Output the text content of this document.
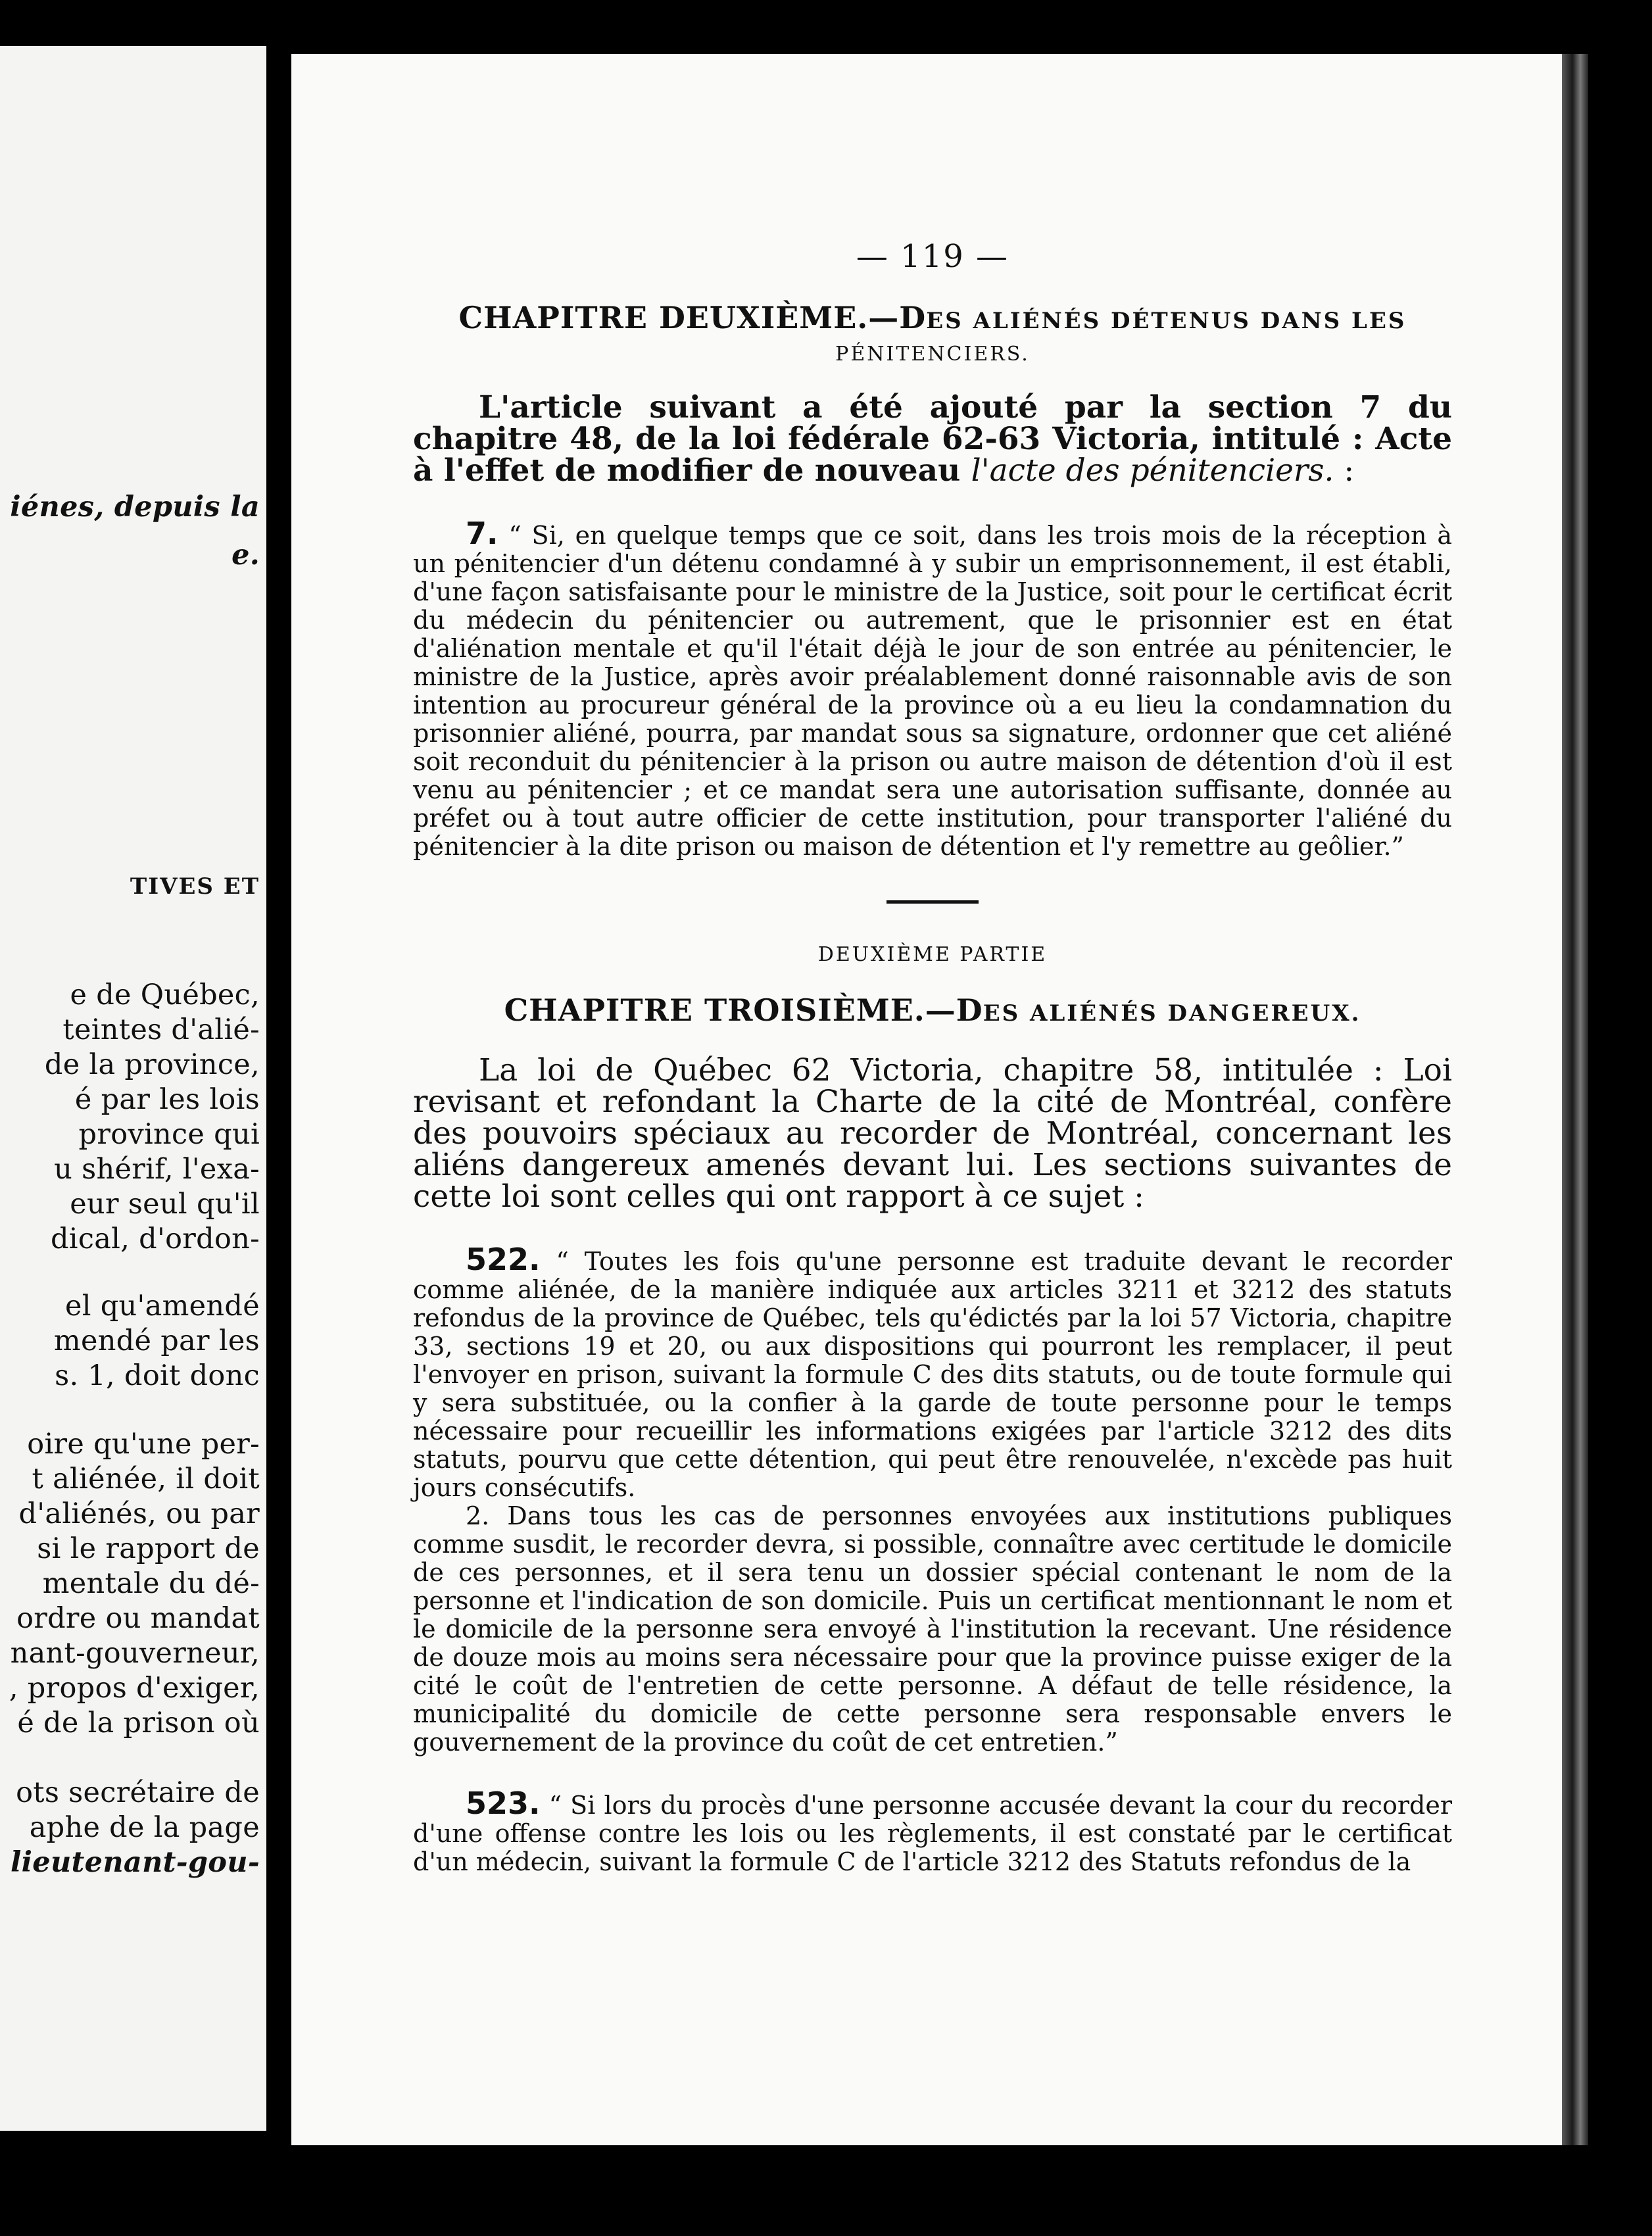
iénes, depuis la
e.
TIVES ET
e de Québec,
teintes d'alié-
de la province,
é par les lois
province qui
u shérif, l'exa-
eur seul qu'il
dical, d'ordon-
el qu'amendé
mendé par les
s. 1, doit donc
oire qu'une per-
t aliénée, il doit
d'aliénés, ou par
si le rapport de
mentale du dé-
ordre ou mandat
nant-gouverneur,
, propos d'exiger,
é de la prison où
ots secrétaire de
aphe de la page
lieutenant-gou-
— 119 —
CHAPITRE DEUXIÈME.—DES ALIÉNÉS DÉTENUS DANS LES
PÉNITENCIERS.

L'article suivant a été ajouté par la section 7 du chapitre 48, de la loi fédérale 62-63 Victoria, intitulé : Acte à l'effet de modifier de nouveau l'acte des pénitenciers. :

7. “ Si, en quelque temps que ce soit, dans les trois mois de la réception à un pénitencier d'un détenu condamné à y subir un emprisonnement, il est établi, d'une façon satisfaisante pour le ministre de la Justice, soit pour le certificat écrit du médecin du pénitencier ou autrement, que le prisonnier est en état d'aliénation mentale et qu'il l'était déjà le jour de son entrée au pénitencier, le ministre de la Justice, après avoir préalablement donné raisonnable avis de son intention au procureur général de la province où a eu lieu la condamnation du prisonnier aliéné, pourra, par mandat sous sa signature, ordonner que cet aliéné soit reconduit du pénitencier à la prison ou autre maison de détention d'où il est venu au pénitencier ; et ce mandat sera une autorisation suffisante, donnée au préfet ou à tout autre officier de cette institution, pour transporter l'aliéné du pénitencier à la dite prison ou maison de détention et l'y remettre au geôlier.”

DEUXIÈME PARTIE
CHAPITRE TROISIÈME.—DES ALIÉNÉS DANGEREUX.

La loi de Québec 62 Victoria, chapitre 58, intitulée : Loi revisant et refondant la Charte de la cité de Montréal, confère des pouvoirs spéciaux au recorder de Montréal, concernant les aliéns dangereux amenés devant lui. Les sections suivantes de cette loi sont celles qui ont rapport à ce sujet :

522. “ Toutes les fois qu'une personne est traduite devant le recorder comme aliénée, de la manière indiquée aux articles 3211 et 3212 des statuts refondus de la province de Québec, tels qu'édictés par la loi 57 Victoria, chapitre 33, sections 19 et 20, ou aux dispositions qui pourront les remplacer, il peut l'envoyer en prison, suivant la formule C des dits statuts, ou de toute formule qui y sera substituée, ou la confier à la garde de toute personne pour le temps nécessaire pour recueillir les informations exigées par l'article 3212 des dits statuts, pourvu que cette détention, qui peut être renouvelée, n'excède pas huit jours consécutifs.

2. Dans tous les cas de personnes envoyées aux institutions publiques comme susdit, le recorder devra, si possible, connaître avec certitude le domicile de ces personnes, et il sera tenu un dossier spécial contenant le nom de la personne et l'indication de son domicile. Puis un certificat mentionnant le nom et le domicile de la personne sera envoyé à l'institution la recevant. Une résidence de douze mois au moins sera nécessaire pour que la province puisse exiger de la cité le coût de l'entretien de cette personne. A défaut de telle résidence, la municipalité du domicile de cette personne sera responsable envers le gouvernement de la province du coût de cet entretien.”

523. “ Si lors du procès d'une personne accusée devant la cour du recorder d'une offense contre les lois ou les règlements, il est constaté par le certificat d'un médecin, suivant la formule C de l'article 3212 des Statuts refondus de la
